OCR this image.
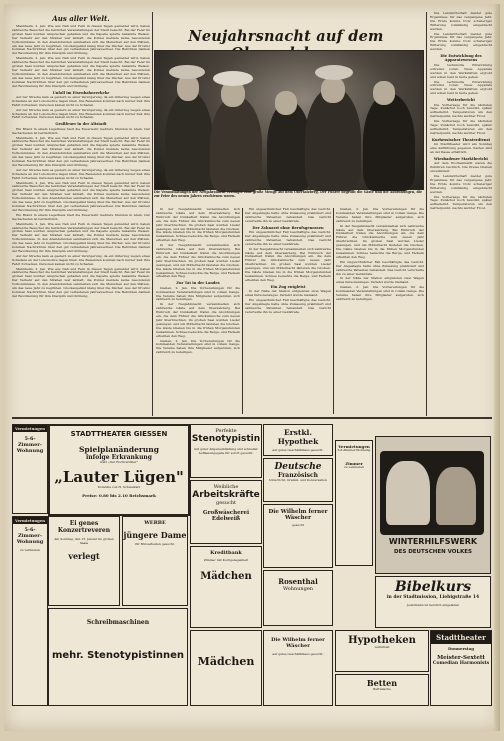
Aus aller Welt.

Mannheim, 2. Jan. Wie aus Nah und Fern in diesen Tagen gemeldet wird, haben zahlreiche Besucher die festlichen Veranstaltungen der Stadt besucht. Bei der Feier im großen Saal wurden Ansprachen gehalten und die Kapelle spielte bekannte Weisen. Der Verkehr auf den Straßen war lebhaft, die Polizei meldete keine besonderen Vorkommnisse. In den Abendstunden sammelten sich die Menschen auf den Plätzen, um das neue Jahr zu begrüßen. Glockengeläut klang über die Dächer. Aus der Provinz kommen Nachrichten über den gut verlaufenen Jahreswechsel. Die Behörden danken der Bevölkerung für ihre Disziplin und Ordnung.

Mannheim, 2. Jan. Wie aus Nah und Fern in diesen Tagen gemeldet wird, haben zahlreiche Besucher die festlichen Veranstaltungen der Stadt besucht. Bei der Feier im großen Saal wurden Ansprachen gehalten und die Kapelle spielte bekannte Weisen. Der Verkehr auf den Straßen war lebhaft, die Polizei meldete keine besonderen Vorkommnisse. In den Abendstunden sammelten sich die Menschen auf den Plätzen, um das neue Jahr zu begrüßen. Glockengeläut klang über die Dächer. Aus der Provinz kommen Nachrichten über den gut verlaufenen Jahreswechsel. Die Behörden danken der Bevölkerung für ihre Disziplin und Ordnung.

Unfall im Eisenbahnverkehr

Auf der Strecke kam es gestern zu einer Verzögerung, da ein Güterzug wegen eines Schadens an der Lokomotive liegen blieb. Die Reisenden konnten nach kurzer Zeit ihre Fahrt fortsetzen. Personen kamen nicht zu Schaden.

Auf der Strecke kam es gestern zu einer Verzögerung, da ein Güterzug wegen eines Schadens an der Lokomotive liegen blieb. Die Reisenden konnten nach kurzer Zeit ihre Fahrt fortsetzen. Personen kamen nicht zu Schaden.

Großfeuer in der Altstadt

Ein Brand in einem Lagerhaus hielt die Feuerwehr mehrere Stunden in Atem. Der Sachschaden ist beträchtlich.

Mannheim, 2. Jan. Wie aus Nah und Fern in diesen Tagen gemeldet wird, haben zahlreiche Besucher die festlichen Veranstaltungen der Stadt besucht. Bei der Feier im großen Saal wurden Ansprachen gehalten und die Kapelle spielte bekannte Weisen. Der Verkehr auf den Straßen war lebhaft, die Polizei meldete keine besonderen Vorkommnisse. In den Abendstunden sammelten sich die Menschen auf den Plätzen, um das neue Jahr zu begrüßen. Glockengeläut klang über die Dächer. Aus der Provinz kommen Nachrichten über den gut verlaufenen Jahreswechsel. Die Behörden danken der Bevölkerung für ihre Disziplin und Ordnung.

Auf der Strecke kam es gestern zu einer Verzögerung, da ein Güterzug wegen eines Schadens an der Lokomotive liegen blieb. Die Reisenden konnten nach kurzer Zeit ihre Fahrt fortsetzen. Personen kamen nicht zu Schaden.

Mannheim, 2. Jan. Wie aus Nah und Fern in diesen Tagen gemeldet wird, haben zahlreiche Besucher die festlichen Veranstaltungen der Stadt besucht. Bei der Feier im großen Saal wurden Ansprachen gehalten und die Kapelle spielte bekannte Weisen. Der Verkehr auf den Straßen war lebhaft, die Polizei meldete keine besonderen Vorkommnisse. In den Abendstunden sammelten sich die Menschen auf den Plätzen, um das neue Jahr zu begrüßen. Glockengeläut klang über die Dächer. Aus der Provinz kommen Nachrichten über den gut verlaufenen Jahreswechsel. Die Behörden danken der Bevölkerung für ihre Disziplin und Ordnung.

Ein Brand in einem Lagerhaus hielt die Feuerwehr mehrere Stunden in Atem. Der Sachschaden ist beträchtlich.

Mannheim, 2. Jan. Wie aus Nah und Fern in diesen Tagen gemeldet wird, haben zahlreiche Besucher die festlichen Veranstaltungen der Stadt besucht. Bei der Feier im großen Saal wurden Ansprachen gehalten und die Kapelle spielte bekannte Weisen. Der Verkehr auf den Straßen war lebhaft, die Polizei meldete keine besonderen Vorkommnisse. In den Abendstunden sammelten sich die Menschen auf den Plätzen, um das neue Jahr zu begrüßen. Glockengeläut klang über die Dächer. Aus der Provinz kommen Nachrichten über den gut verlaufenen Jahreswechsel. Die Behörden danken der Bevölkerung für ihre Disziplin und Ordnung.

Auf der Strecke kam es gestern zu einer Verzögerung, da ein Güterzug wegen eines Schadens an der Lokomotive liegen blieb. Die Reisenden konnten nach kurzer Zeit ihre Fahrt fortsetzen. Personen kamen nicht zu Schaden.

Mannheim, 2. Jan. Wie aus Nah und Fern in diesen Tagen gemeldet wird, haben zahlreiche Besucher die festlichen Veranstaltungen der Stadt besucht. Bei der Feier im großen Saal wurden Ansprachen gehalten und die Kapelle spielte bekannte Weisen. Der Verkehr auf den Straßen war lebhaft, die Polizei meldete keine besonderen Vorkommnisse. In den Abendstunden sammelten sich die Menschen auf den Plätzen, um das neue Jahr zu begrüßen. Glockengeläut klang über die Dächer. Aus der Provinz kommen Nachrichten über den gut verlaufenen Jahreswechsel. Die Behörden danken der Bevölkerung für ihre Disziplin und Ordnung.

Neujahrsnacht auf dem
Die Veranstaltungen der Neujahrsnacht verfolgte eine große Menge auf dem Obersalzberg. Der Führer begrüßt die Gäste und die Abordnungen, die zur Feier des neuen Jahres erschienen waren.

In der Neujahrsnacht versammelten sich zahlreiche Gäste auf dem Obersalzberg. Bei Einbruch der Dunkelheit trafen die Abordnungen ein, die dem Führer die Glückwünsche zum neuen Jahr überbrachten. Im großen Saal wurden Lieder gesungen, und um Mitternacht läuteten die Glocken. Die Gäste blieben bis in die frühen Morgenstunden beisammen. Schnee bedeckte die Berge, und Fackeln erhellten den Weg.

In der Neujahrsnacht versammelten sich zahlreiche Gäste auf dem Obersalzberg. Bei Einbruch der Dunkelheit trafen die Abordnungen ein, die dem Führer die Glückwünsche zum neuen Jahr überbrachten. Im großen Saal wurden Lieder gesungen, und um Mitternacht läuteten die Glocken. Die Gäste blieben bis in die frühen Morgenstunden beisammen. Schnee bedeckte die Berge, und Fackeln erhellten den Weg.

Zur Tat in der Landes

Gießen, 2. Jan. Die Vorbereitungen für die kommenden Veranstaltungen sind in vollem Gange. Die Vereine haben ihre Mitglieder aufgerufen, sich zahlreich zu beteiligen.

In der Neujahrsnacht versammelten sich zahlreiche Gäste auf dem Obersalzberg. Bei Einbruch der Dunkelheit trafen die Abordnungen ein, die dem Führer die Glückwünsche zum neuen Jahr überbrachten. Im großen Saal wurden Lieder gesungen, und um Mitternacht läuteten die Glocken. Die Gäste blieben bis in die frühen Morgenstunden beisammen. Schnee bedeckte die Berge, und Fackeln erhellten den Weg.

Gießen, 2. Jan. Die Vorbereitungen für die kommenden Veranstaltungen sind in vollem Gange. Die Vereine haben ihre Mitglieder aufgerufen, sich zahlreich zu beteiligen.

Ein ungewöhnlicher Fall beschäftigte das Gericht. Der Angeklagte hatte ohne Zulassung praktiziert und zahlreiche Patienten behandelt. Das Gericht verurteilte ihn zu einer Geldstrafe.

Der Zahnarzt ohne Berufsgenossen

Ein ungewöhnlicher Fall beschäftigte das Gericht. Der Angeklagte hatte ohne Zulassung praktiziert und zahlreiche Patienten behandelt. Das Gericht verurteilte ihn zu einer Geldstrafe.

In der Neujahrsnacht versammelten sich zahlreiche Gäste auf dem Obersalzberg. Bei Einbruch der Dunkelheit trafen die Abordnungen ein, die dem Führer die Glückwünsche zum neuen Jahr überbrachten. Im großen Saal wurden Lieder gesungen, und um Mitternacht läuteten die Glocken. Die Gäste blieben bis in die frühen Morgenstunden beisammen. Schnee bedeckte die Berge, und Fackeln erhellten den Weg.

Ein Zug entgleist

In der Nähe der Station entgleisten zwei Wagen eines Personenzuges. Verletzt wurde niemand.

Ein ungewöhnlicher Fall beschäftigte das Gericht. Der Angeklagte hatte ohne Zulassung praktiziert und zahlreiche Patienten behandelt. Das Gericht verurteilte ihn zu einer Geldstrafe.

Gießen, 2. Jan. Die Vorbereitungen für die kommenden Veranstaltungen sind in vollem Gange. Die Vereine haben ihre Mitglieder aufgerufen, sich zahlreich zu beteiligen.

In der Neujahrsnacht versammelten sich zahlreiche Gäste auf dem Obersalzberg. Bei Einbruch der Dunkelheit trafen die Abordnungen ein, die dem Führer die Glückwünsche zum neuen Jahr überbrachten. Im großen Saal wurden Lieder gesungen, und um Mitternacht läuteten die Glocken. Die Gäste blieben bis in die frühen Morgenstunden beisammen. Schnee bedeckte die Berge, und Fackeln erhellten den Weg.

Ein ungewöhnlicher Fall beschäftigte das Gericht. Der Angeklagte hatte ohne Zulassung praktiziert und zahlreiche Patienten behandelt. Das Gericht verurteilte ihn zu einer Geldstrafe.

In der Nähe der Station entgleisten zwei Wagen eines Personenzuges. Verletzt wurde niemand.

Gießen, 2. Jan. Die Vorbereitungen für die kommenden Veranstaltungen sind in vollem Gange. Die Vereine haben ihre Mitglieder aufgerufen, sich zahlreich zu beteiligen.

Die Landwirtschaft meldet gute Ergebnisse für das vergangene Jahr. Die Ernte konnte trotz schwieriger Witterung vollständig eingebracht werden.

Die Landwirtschaft meldet gute Ergebnisse für das vergangene Jahr. Die Ernte konnte trotz schwieriger Witterung vollständig eingebracht werden.

Die Entwicklung des Apparatewesens

Die technische Entwicklung schreitet voran. Neue Apparate werden in den Werkstätten erprobt und sollen bald in Serie gehen.

Die technische Entwicklung schreitet voran. Neue Apparate werden in den Werkstätten erprobt und sollen bald in Serie gehen.

Wetterbericht

Die Vorhersage für die nächsten Tage: Zunächst noch bewölkt, später aufheiternd. Temperaturen um den Gefrierpunkt, nachts leichter Frost.

Die Vorhersage für die nächsten Tage: Zunächst noch bewölkt, später aufheiternd. Temperaturen um den Gefrierpunkt, nachts leichter Frost.

Kurhessischer Theaterdienst

Im Stadttheater wird am Sonntag eine Aufführung gegeben. Karten sind an der Kasse erhältlich.

Wiesbadener Marktbericht

Auf dem Wochenmarkt waren die Zufuhren reichlich. Die Preise blieben unverändert.

Die Landwirtschaft meldet gute Ergebnisse für das vergangene Jahr. Die Ernte konnte trotz schwieriger Witterung vollständig eingebracht werden.

Die Vorhersage für die nächsten Tage: Zunächst noch bewölkt, später aufheiternd. Temperaturen um den Gefrierpunkt, nachts leichter Frost.

STADTTHEATER GIESSEN
Spielplanänderung
infolge Erkrankung
statt „Der Hochverräter"
„Lauter Lügen"
Komödie von H. Schweikart
Preise: 0.80 bis 2.10 Reichsmark
Perfekte
Stenotypistin
mit guter Allgemeinbildung und schneller Auffassungsgabe für sofort gesucht.
Weibliche
Arbeitskräfte
gesucht
Großwäscherei Edelweiß
Erstkl. Hypothek
auf gutes Geschäftshaus gesucht.
Deutsche
Französisch
Unterricht, Gramm. und Konversation
Die Wilhelm ferner Wäscher
gesucht
Vermietungen
5-6-Zimmer-Wohnung
Zimmer
zu vermieten
WINTERHILFSWERK
DES DEUTSCHEN VOLKES
Bibelkurs
in der Stadtmission, Liebigstraße 14
Jedermann ist herzlich eingeladen
Stadttheater
Donnerstag
Meister-Sextett
Comedian Harmonists
Hypotheken
vermittelt
Betten
Bettwäsche
Rosenthal
Wohnungen
Vermietungen
5-6-Zimmer-Wohnung
zu vermieten
Ei genes Konzertreveren
Am Sonntag, den 15. Januar im großen Saale
verlegt
WERBE
jüngere Dame
für Büroarbeiten gesucht.
Kreditbank
Zimmer mit Kochgelegenheit
Mädchen
Schreibmaschinen
mehr. Stenotypistinnen	Mädchen
Die Wilhelm ferner Wäscher
auf gutes Geschäftshaus gesucht.
Vermietungen
5-6-Zimmer-Wohnung
